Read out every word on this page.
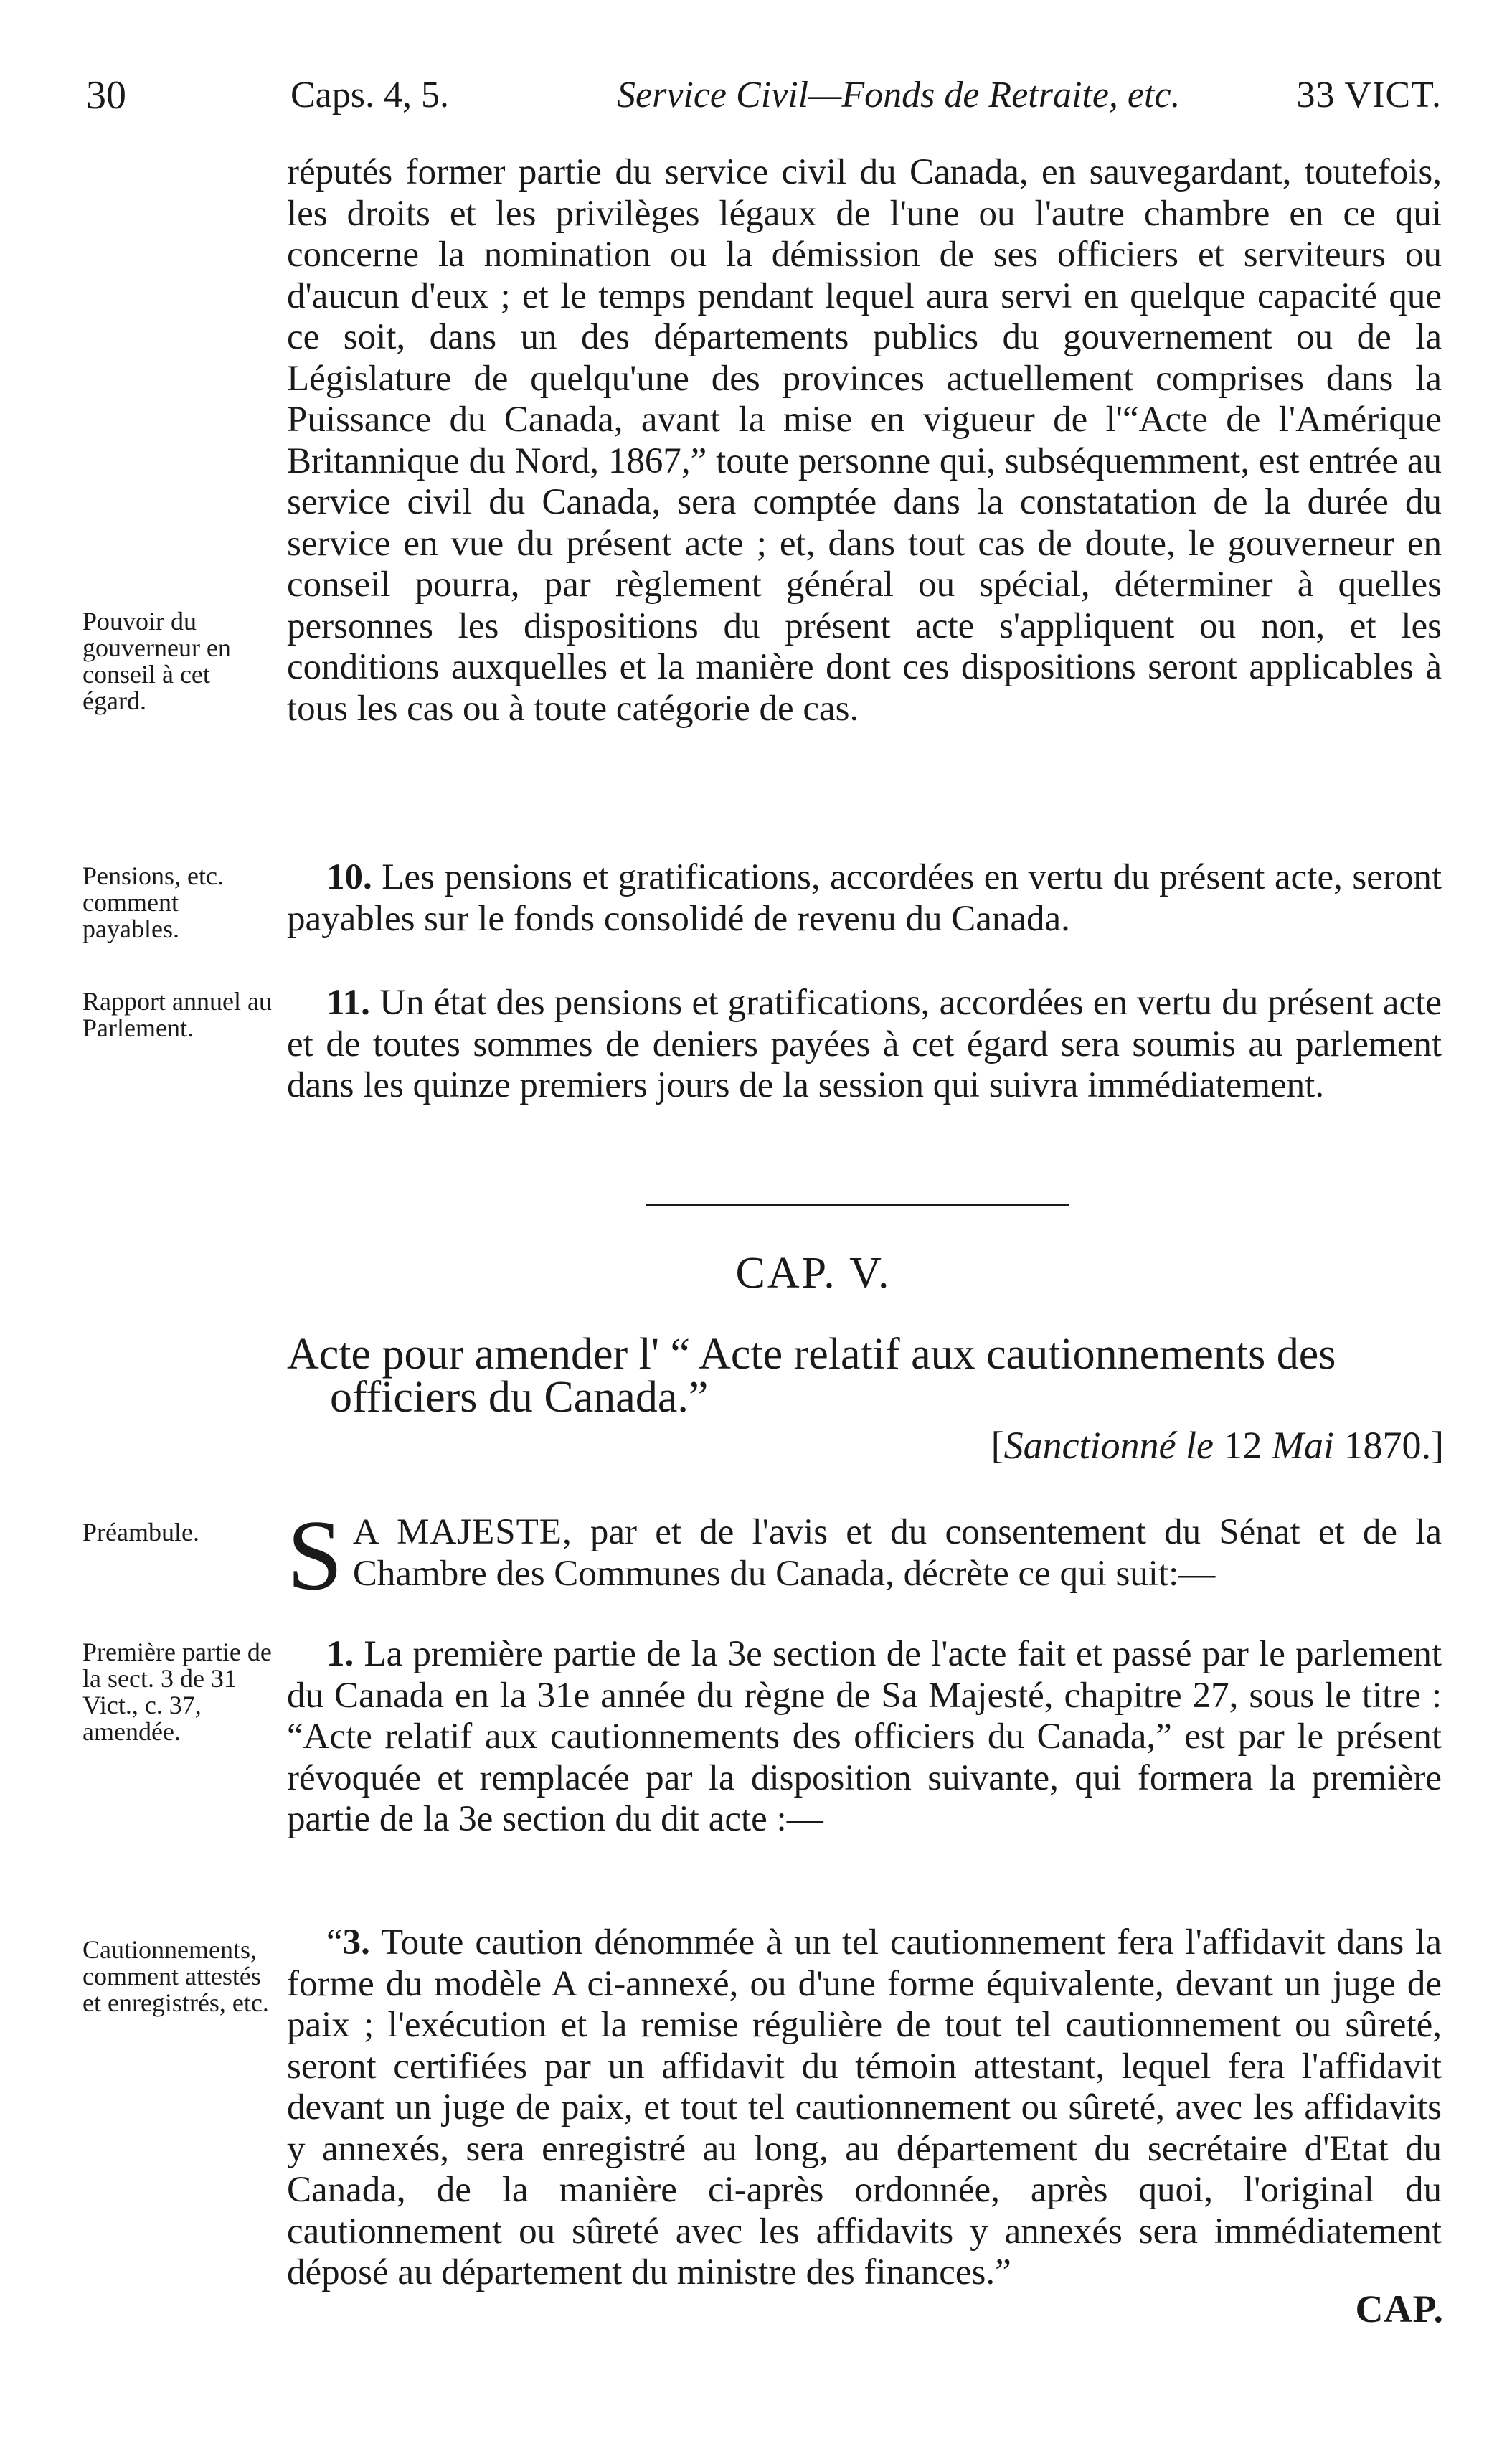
30	Caps. 4, 5.	Service Civil—Fonds de Retraite, etc.	33 VICT.

réputés former partie du service civil du Canada, en sauvegardant, toutefois, les droits et les privilèges légaux de l'une ou l'autre chambre en ce qui concerne la nomination ou la démission de ses officiers et serviteurs ou d'aucun d'eux ; et le temps pendant lequel aura servi en quelque capacité que ce soit, dans un des départements publics du gouvernement ou de la Législature de quelqu'une des provinces actuellement comprises dans la Puissance du Canada, avant la mise en vigueur de l'“Acte de l'Amérique Britannique du Nord, 1867,” toute personne qui, subséquemment, est entrée au service civil du Canada, sera comptée dans la constatation de la durée du service en vue du présent acte ; et, dans tout cas de doute, le gouverneur en conseil pourra, par règlement général ou spécial, déterminer à quelles personnes les dispositions du présent acte s'appliquent ou non, et les conditions auxquelles et la manière dont ces dispositions seront applicables à tous les cas ou à toute catégorie de cas.

Pouvoir du gouverneur en conseil à cet égard.

Pensions, etc. comment payables.

10. Les pensions et gratifications, accordées en vertu du présent acte, seront payables sur le fonds consolidé de revenu du Canada.

Rapport annuel au Parlement.

11. Un état des pensions et gratifications, accordées en vertu du présent acte et de toutes sommes de deniers payées à cet égard sera soumis au parlement dans les quinze premiers jours de la session qui suivra immédiatement.

CAP. V.

Acte pour amender l' “ Acte relatif aux cautionnements des
officiers du Canada.”

[Sanctionné le 12 Mai 1870.]

Préambule. S A MAJESTE, par et de l'avis et du consentement du Sénat et de la Chambre des Communes du Canada, décrète ce qui suit:—

Première partie de la sect. 3 de 31 Vict., c. 37, amendée.

1. La première partie de la 3e section de l'acte fait et passé par le parlement du Canada en la 31e année du règne de Sa Majesté, chapitre 27, sous le titre : “Acte relatif aux cautionnements des officiers du Canada,” est par le présent révoquée et remplacée par la disposition suivante, qui formera la première partie de la 3e section du dit acte :—

Cautionnements, comment attestés et enregistrés, etc.

“3. Toute caution dénommée à un tel cautionnement fera l'affidavit dans la forme du modèle A ci-annexé, ou d'une forme équivalente, devant un juge de paix ; l'exécution et la remise régulière de tout tel cautionnement ou sûreté, seront certifiées par un affidavit du témoin attestant, lequel fera l'affidavit devant un juge de paix, et tout tel cautionnement ou sûreté, avec les affidavits y annexés, sera enregistré au long, au département du secrétaire d'Etat du Canada, de la manière ci-après ordonnée, après quoi, l'original du cautionnement ou sûreté avec les affidavits y annexés sera immédiatement déposé au département du ministre des finances.”

CAP.
